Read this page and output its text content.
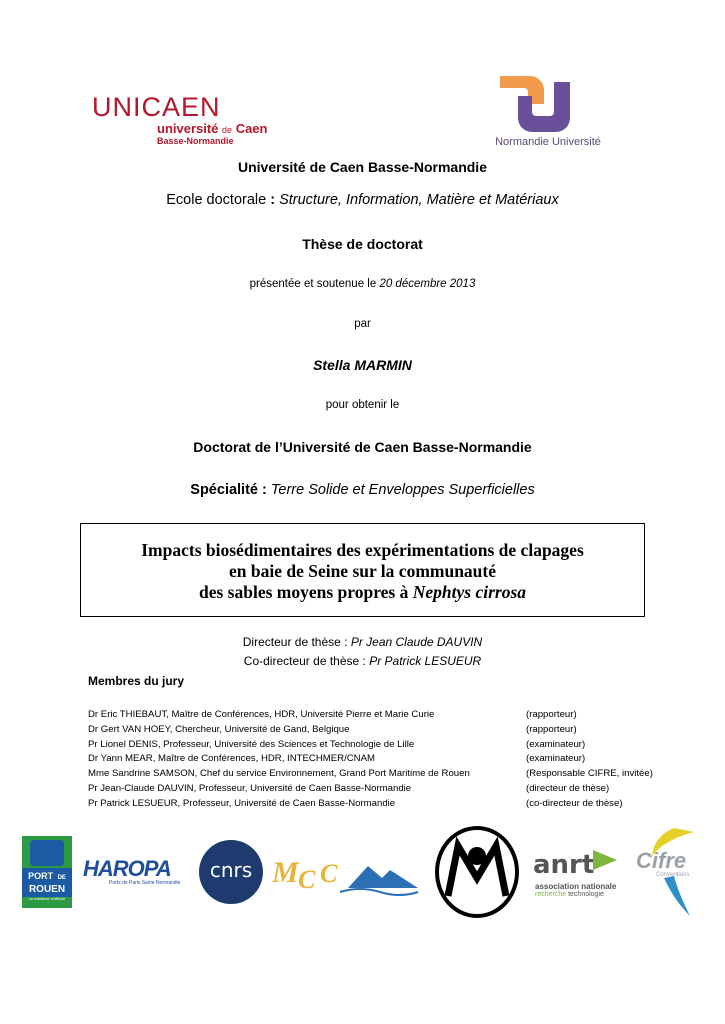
UNICAEN
université de Caen
Basse-Normandie	Normandie Université
Université de Caen Basse-Normandie
Ecole doctorale : Structure, Information, Matière et Matériaux
Thèse de doctorat
présentée et soutenue le 20 décembre 2013
par
Stella MARMIN
pour obtenir le
Doctorat de l’Université de Caen Basse-Normandie
Spécialité : Terre Solide et Enveloppes Superficielles
Impacts biosédimentaires des expérimentations de clapages
en baie de Seine sur la communauté
des sables moyens propres à Nephtys cirrosa
Directeur de thèse : Pr Jean Claude DAUVIN
Co-directeur de thèse : Pr Patrick LESUEUR
Membres du jury
Dr Eric THIEBAUT, Maître de Conférences, HDR, Université Pierre et Marie Curie	(rapporteur)
Dr Gert VAN HOEY, Chercheur, Université de Gand, Belgique	(rapporteur)
Pr Lionel DENIS, Professeur, Université des Sciences et Technologie de Lille	(examinateur)
Dr Yann MEAR, Maître de Conférences, HDR, INTECHMER/CNAM	(examinateur)
Mme Sandrine SAMSON, Chef du service Environnement, Grand Port Maritime de Rouen	(Responsable CIFRE, invitée)
Pr Jean-Claude DAUVIN, Professeur, Université de Caen Basse-Normandie	(directeur de thèse)
Pr Patrick LESUEUR, Professeur, Université de Caen Basse-Normandie	(co-directeur de thèse)
PORT DE
ROUEN
Le maritime s'affiche
HAROPA
Ports de Paris Seine Normandie
cnrs M C C	anrt
association nationale
recherche technologie
Cifre
Conventions
